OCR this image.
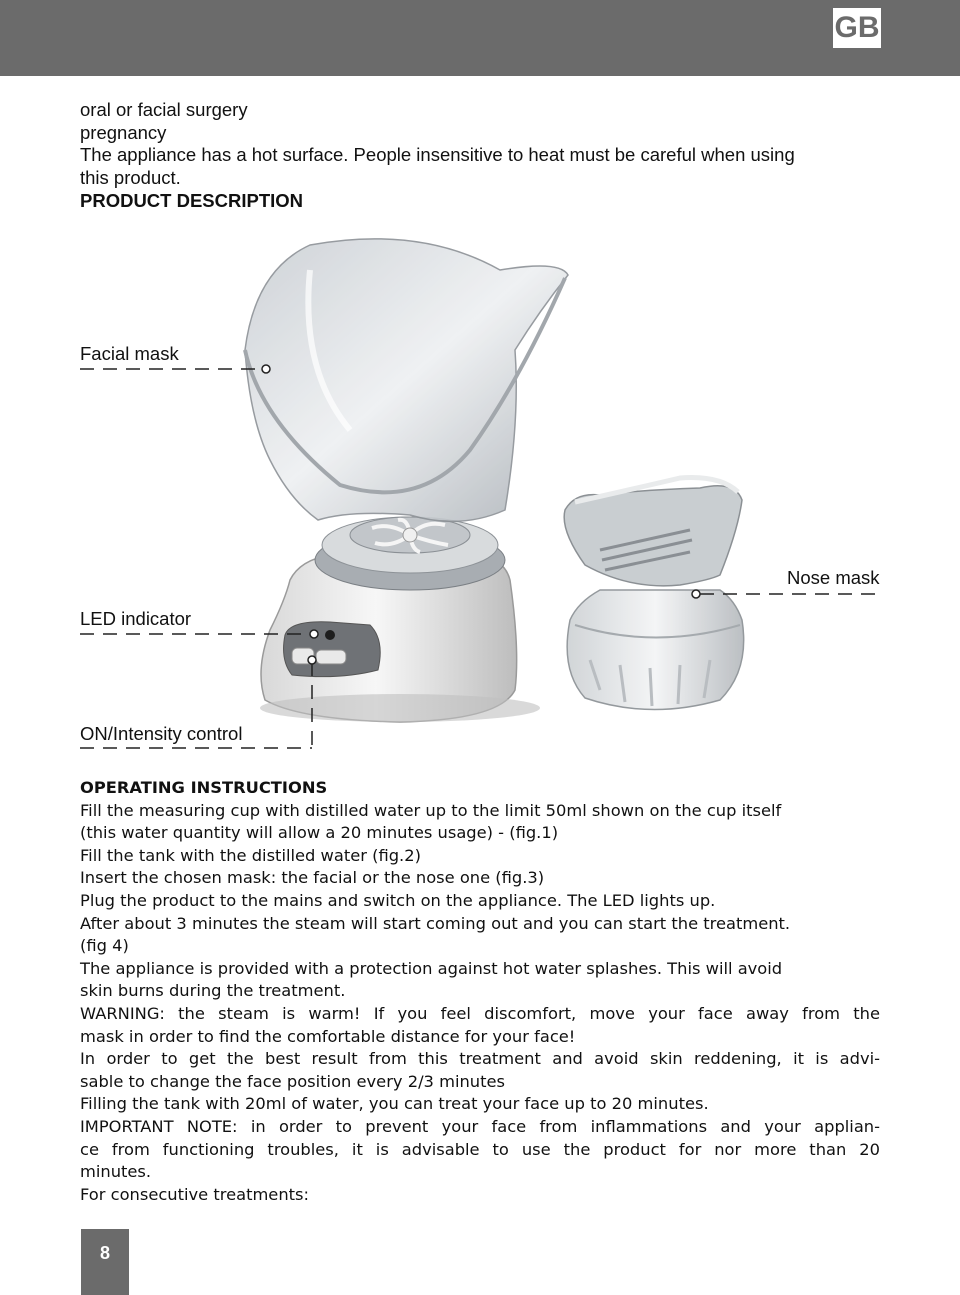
GB
oral or facial surgery
pregnancy
The appliance has a hot surface. People insensitive to heat must be careful when using
this product.
PRODUCT DESCRIPTION
Facial mask
Nose mask
LED indicator
ON/Intensity control
OPERATING INSTRUCTIONS
Fill the measuring cup with distilled water up to the limit 50ml shown on the cup itself
(this water quantity will allow a 20 minutes usage) - (fig.1)
Fill the tank with the distilled water (fig.2)
Insert the chosen mask: the facial or the nose one (fig.3)
Plug the product to the mains and switch on the appliance. The LED lights up.
After about 3 minutes the steam will start coming out and you can start the treatment.
(fig 4)
The appliance is provided with a protection against hot water splashes. This will avoid
skin burns during the treatment.
WARNING: the steam is warm! If you feel discomfort, move your face away from the
mask in order to find the comfortable distance for your face!
In order to get the best result from this treatment and avoid skin reddening, it is advi-
sable to change the face position every 2/3 minutes
Filling the tank with 20ml of water, you can treat your face up to 20 minutes.
IMPORTANT NOTE: in order to prevent your face from inflammations and your applian-
ce from functioning troubles, it is advisable to use the product for nor more than 20
minutes.
For consecutive treatments:
8
